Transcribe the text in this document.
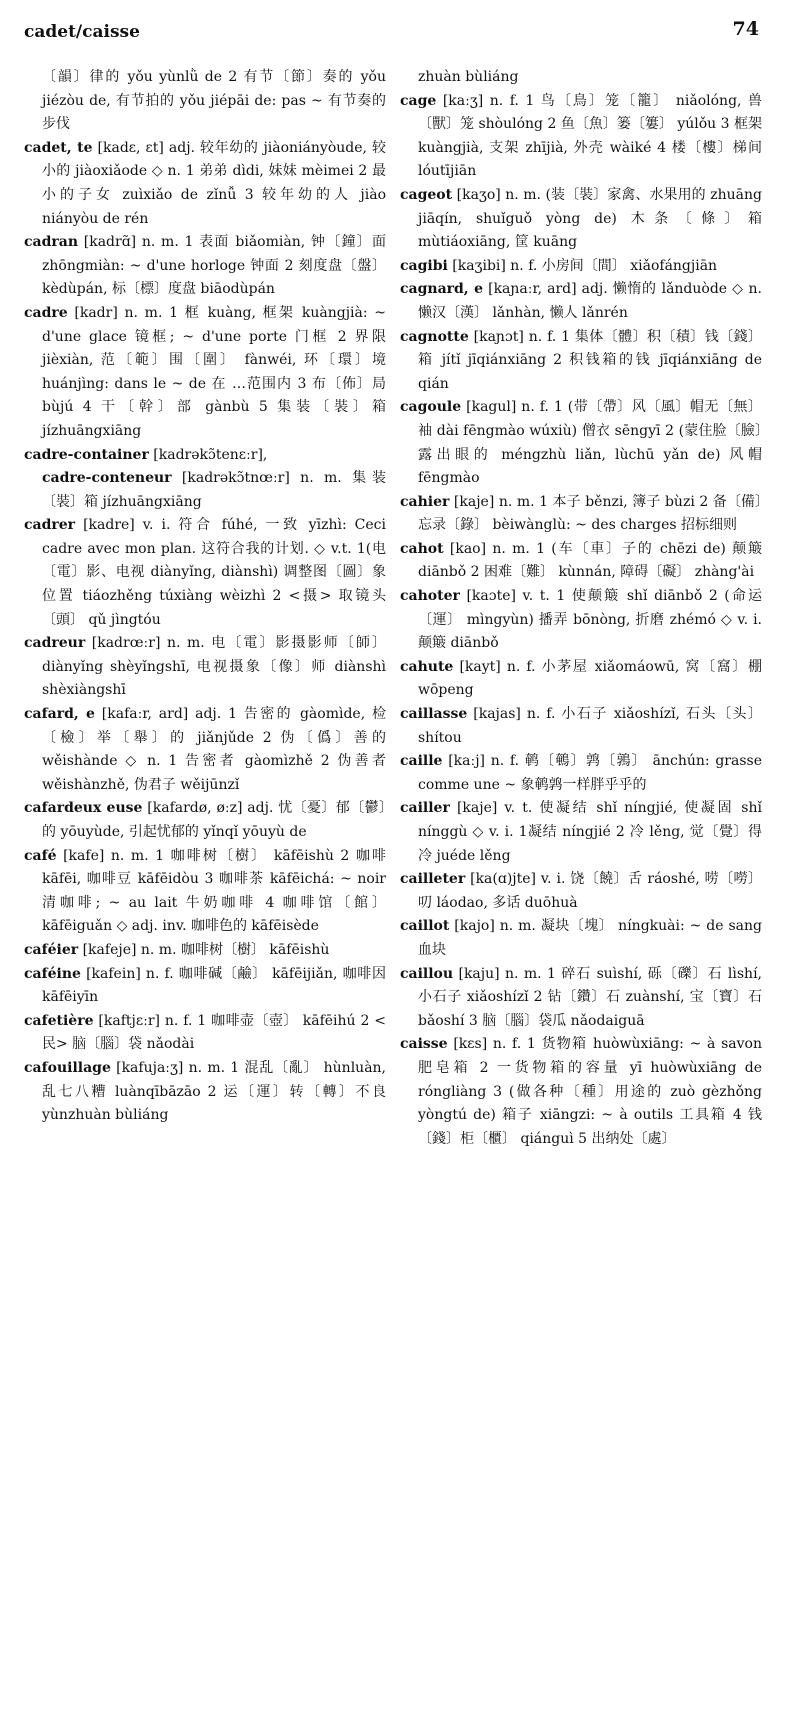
cadet/caisse	74

〔韻〕律的 yǒu yùnlǜ de 2 有节〔節〕奏的 yǒu jiézòu de, 有节拍的 yǒu jiépāi de: pas ~ 有节奏的步伐

cadet, te [kadɛ, ɛt] adj. 较年幼的 jiàoniányòude, 较小的 jiàoxiǎode ◇ n. 1 弟弟 dìdi, 妹妹 mèimei 2 最小的子女 zuìxiǎo de zǐnǚ 3 较年幼的人 jiào niányòu de rén

cadran [kadrɑ̃] n. m. 1 表面 biǎomiàn, 钟〔鐘〕面 zhōngmiàn: ~ d'une horloge 钟面 2 刻度盘〔盤〕kèdùpán, 标〔標〕度盘 biāodùpán

cadre [kadr] n. m. 1 框 kuàng, 框架 kuàngjià: ~ d'une glace 镜框; ~ d'une porte 门框 2 界限 jièxiàn, 范〔範〕围〔圍〕 fànwéi, 环〔環〕境 huánjìng: dans le ~ de 在 …范围内 3 布〔佈〕局 bùjú 4 干〔幹〕部 gànbù 5 集装〔裝〕箱 jízhuāngxiāng

cadre-container [kadrəkɔ̃tenɛːr],

cadre-conteneur [kadrəkɔ̃tnœːr] n. m. 集装〔裝〕箱 jízhuāngxiāng

cadrer [kadre] v. i. 符合 fúhé, 一致 yīzhì: Ceci cadre avec mon plan. 这符合我的计划. ◇ v.t. 1(电〔電〕影、电视 diànyǐng, diànshì) 调整图〔圖〕象位置 tiáozhěng túxiàng wèizhì 2 <摄> 取镜头〔頭〕 qǔ jìngtóu

cadreur [kadrœːr] n. m. 电〔電〕影摄影师〔師〕 diànyǐng shèyǐngshī, 电视摄象〔像〕师 diànshì shèxiàngshī

cafard, e [kafaːr, ard] adj. 1 告密的 gàomìde, 检〔檢〕举〔舉〕的 jiǎnjǔde 2 伪〔僞〕善的 wěishànde ◇ n. 1 告密者 gàomìzhě 2 伪善者 wěishànzhě, 伪君子 wěijūnzǐ

cafardeux euse [kafardø, øːz] adj. 忧〔憂〕郁〔鬱〕的 yōuyùde, 引起忧郁的 yǐnqǐ yōuyù de

café [kafe] n. m. 1 咖啡树〔樹〕 kāfēishù 2 咖啡 kāfēi, 咖啡豆 kāfēidòu 3 咖啡茶 kāfēichá: ~ noir 清咖啡; ~ au lait 牛奶咖啡 4 咖啡馆〔館〕 kāfēiguǎn ◇ adj. inv. 咖啡色的 kāfēisède

caféier [kafeje] n. m. 咖啡树〔樹〕 kāfēishù

caféine [kafein] n. f. 咖啡碱〔鹼〕 kāfēijiǎn, 咖啡因 kāfēiyīn

cafetière [kaftjɛːr] n. f. 1 咖啡壶〔壺〕 kāfēihú 2 <民> 脑〔腦〕袋 nǎodài

cafouillage [kafujaːʒ] n. m. 1 混乱〔亂〕 hùnluàn, 乱七八糟 luànqībāzāo 2 运〔運〕转〔轉〕不良 yùnzhuàn bùliáng

zhuàn bùliáng

cage [kaːʒ] n. f. 1 鸟〔鳥〕笼〔籠〕 niǎolóng, 兽〔獸〕笼 shòulóng 2 鱼〔魚〕篓〔簍〕 yúlǒu 3 框架 kuàngjià, 支架 zhījià, 外壳 wàiké 4 楼〔樓〕梯间 lóutījiān

cageot [kaʒo] n. m. (装〔裝〕家禽、水果用的 zhuāng jiāqín, shuǐguǒ yòng de) 木条〔條〕箱 mùtiáoxiāng, 筐 kuāng

cagibi [kaʒibi] n. f. 小房间〔間〕 xiǎofángjiān

cagnard, e [kaɲaːr, ard] adj. 懒惰的 lǎnduòde ◇ n. 懒汉〔漢〕 lǎnhàn, 懒人 lǎnrén

cagnotte [kaɲɔt] n. f. 1 集体〔體〕积〔積〕钱〔錢〕箱 jítǐ jīqiánxiāng 2 积钱箱的钱 jīqiánxiāng de qián

cagoule [kagul] n. f. 1 (带〔帶〕风〔風〕帽无〔無〕袖 dài fēngmào wúxiù) 僧衣 sēngyī 2 (蒙住脸〔臉〕露出眼的 méngzhù liǎn, lùchū yǎn de) 风帽 fēngmào

cahier [kaje] n. m. 1 本子 běnzi, 簿子 bùzi 2 备〔備〕忘录〔錄〕 bèiwànglù: ~ des charges 招标细则

cahot [kao] n. m. 1 (车〔車〕子的 chēzi de) 颠簸 diānbǒ 2 困难〔難〕 kùnnán, 障碍〔礙〕 zhàng'ài

cahoter [kaɔte] v. t. 1 使颠簸 shǐ diānbǒ 2 (命运〔運〕 mìngyùn) 播弄 bōnòng, 折磨 zhémó ◇ v. i. 颠簸 diānbǒ

cahute [kayt] n. f. 小茅屋 xiǎomáowū, 窝〔窩〕棚 wōpeng

caillasse [kajas] n. f. 小石子 xiǎoshízǐ, 石头〔头〕 shítou

caille [kaːj] n. f. 鹌〔鵪〕鹑〔鶉〕 ānchún: grasse comme une ~ 象鹌鹑一样胖乎乎的

cailler [kaje] v. t. 使凝结 shǐ níngjié, 使凝固 shǐ nínggù ◇ v. i. 1凝结 níngjié 2 冷 lěng, 觉〔覺〕得冷 juéde lěng

cailleter [ka(ɑ)jte] v. i. 饶〔饒〕舌 ráoshé, 唠〔嘮〕叨 láodao, 多话 duōhuà

caillot [kajo] n. m. 凝块〔塊〕 níngkuài: ~ de sang 血块

caillou [kaju] n. m. 1 碎石 suìshí, 砾〔礫〕石 lìshí, 小石子 xiǎoshízǐ 2 钻〔鑽〕石 zuànshí, 宝〔寶〕石 bǎoshí 3 脑〔腦〕袋瓜 nǎodaiguā

caisse [kɛs] n. f. 1 货物箱 huòwùxiāng: ~ à savon 肥皂箱 2 一货物箱的容量 yī huòwùxiāng de róngliàng 3 (做各种〔種〕用途的 zuò gèzhǒng yòngtú de) 箱子 xiāngzi: ~ à outils 工具箱 4 钱〔錢〕柜〔櫃〕 qiánguì 5 出纳处〔處〕
